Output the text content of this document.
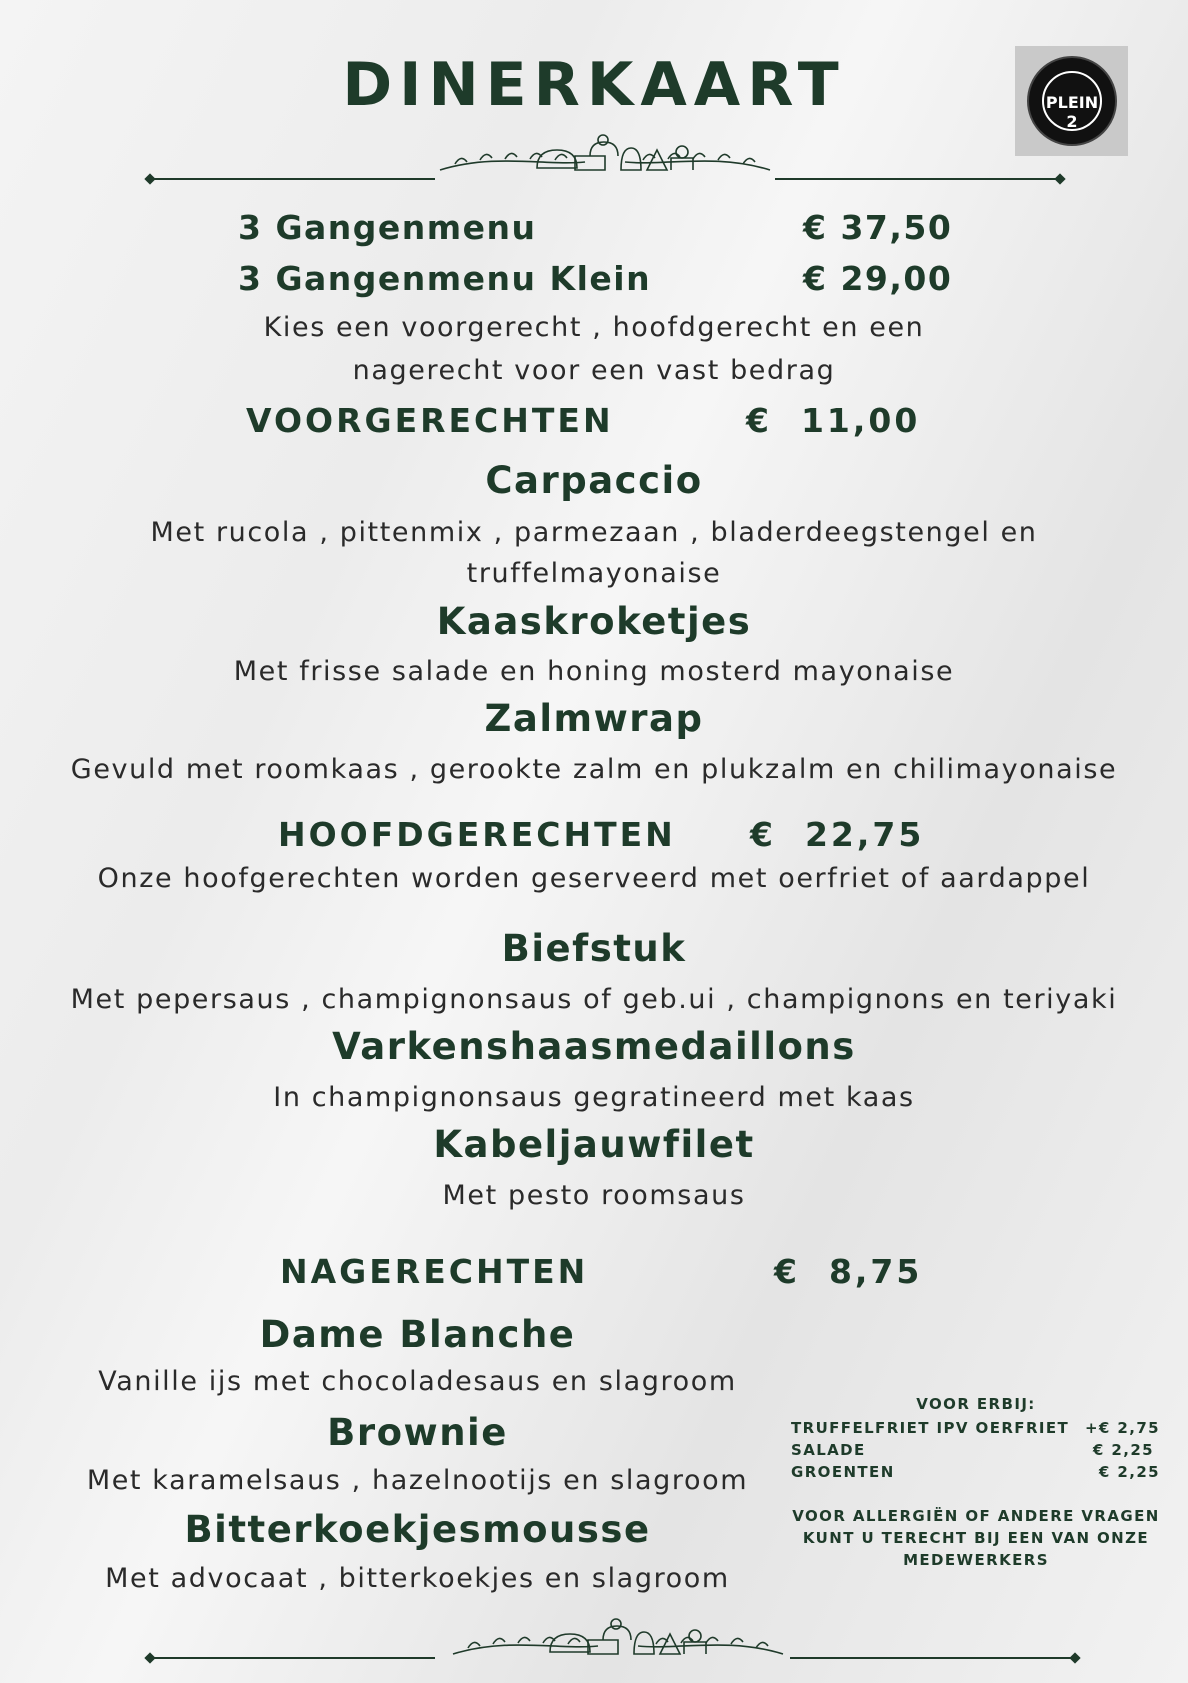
DINERKAART	PLEIN 2
3 Gangenmenu	€ 37,50
3 Gangenmenu Klein	€ 29,00
Kies een voorgerecht , hoofdgerecht en een
nagerecht voor een vast bedrag
VOORGERECHTEN	€  11,00
Carpaccio
Met rucola , pittenmix , parmezaan , bladerdeegstengel en
truffelmayonaise
Kaaskroketjes
Met frisse salade en honing mosterd mayonaise
Zalmwrap
Gevuld met roomkaas , gerookte zalm en plukzalm en chilimayonaise
HOOFDGERECHTEN €  22,75
Onze hoofgerechten worden geserveerd met oerfriet of aardappel
Biefstuk
Met pepersaus , champignonsaus of geb.ui , champignons en teriyaki
Varkenshaasmedaillons
In champignonsaus gegratineerd met kaas
Kabeljauwfilet
Met pesto roomsaus
NAGERECHTEN	€  8,75
Dame Blanche
Vanille ijs met chocoladesaus en slagroom
Brownie
Met karamelsaus , hazelnootijs en slagroom
Bitterkoekjesmousse
Met advocaat , bitterkoekjes en slagroom
VOOR ERBIJ:
TRUFFELFRIET IPV OERFRIET	+€ 2,75
SALADE	€ 2,25
GROENTEN	€ 2,25
VOOR ALLERGIËN OF ANDERE VRAGEN
KUNT U TERECHT BIJ EEN VAN ONZE
MEDEWERKERS
